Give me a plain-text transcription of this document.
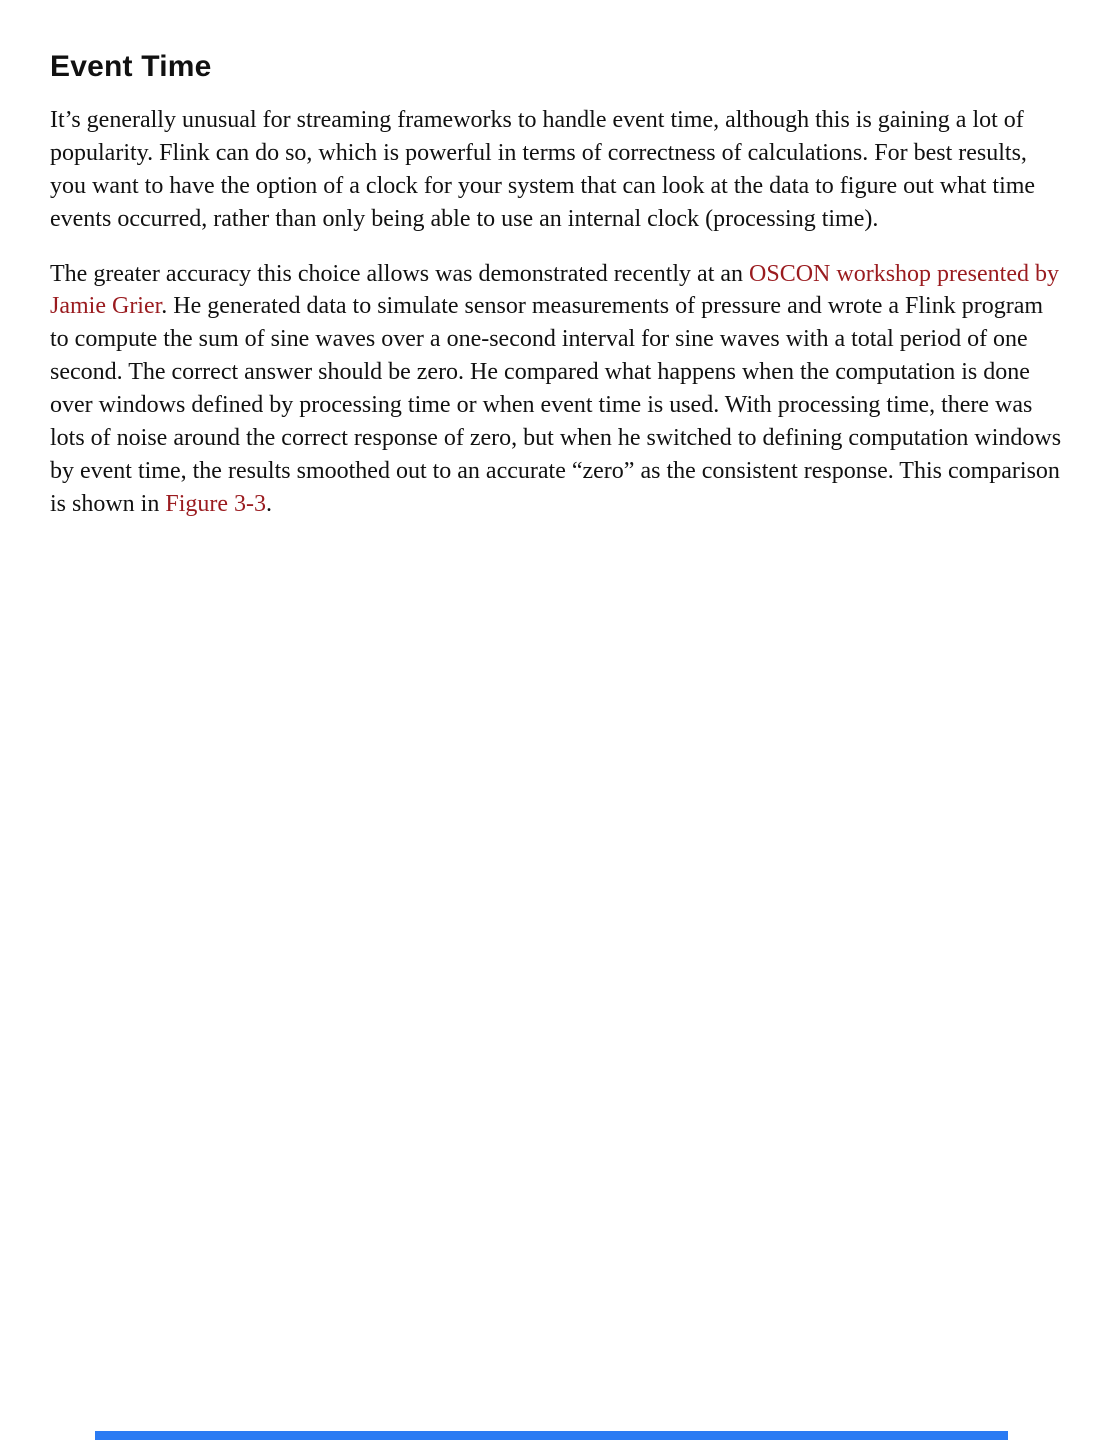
Event Time

It’s generally unusual for streaming frameworks to handle event time, although this is gaining a lot of popularity. Flink can do so, which is powerful in terms of correctness of calculations. For best results, you want to have the option of a clock for your system that can look at the data to figure out what time events occurred, rather than only being able to use an internal clock (processing time).

The greater accuracy this choice allows was demonstrated recently at an OSCON workshop presented by Jamie Grier. He generated data to simulate sensor measurements of pressure and wrote a Flink program to compute the sum of sine waves over a one-second interval for sine waves with a total period of one second. The correct answer should be zero. He compared what happens when the computation is done over windows defined by processing time or when event time is used. With processing time, there was lots of noise around the correct response of zero, but when he switched to defining computation windows by event time, the results smoothed out to an accurate “zero” as the consistent response. This comparison is shown in Figure 3-3.
